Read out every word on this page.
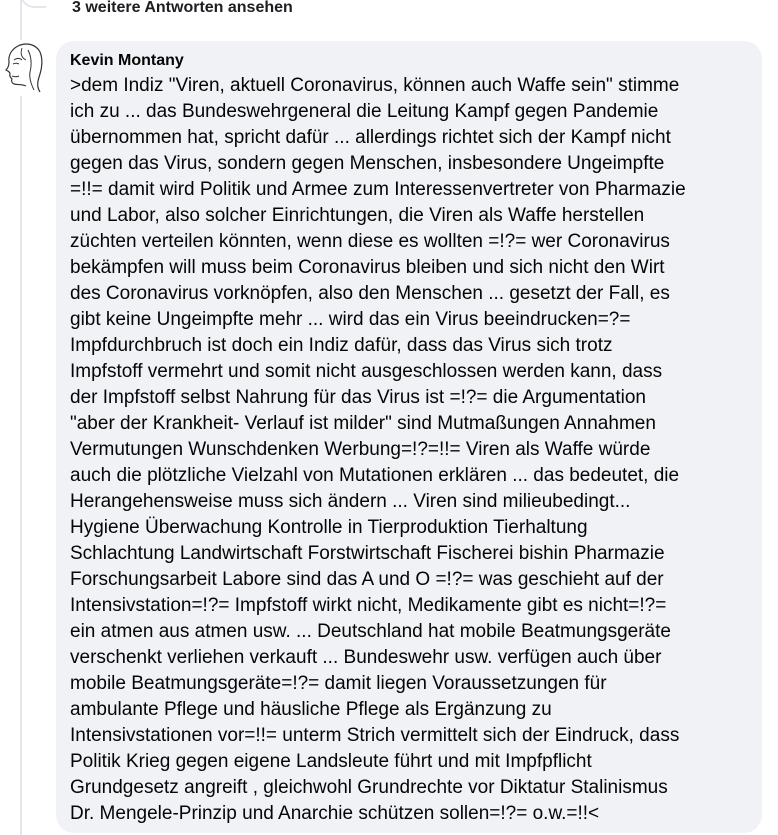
3 weitere Antworten ansehen
Kevin Montany

>dem Indiz "Viren, aktuell Coronavirus, können auch Waffe sein" stimme
ich zu ... das Bundeswehrgeneral die Leitung Kampf gegen Pandemie
übernommen hat, spricht dafür ... allerdings richtet sich der Kampf nicht
gegen das Virus, sondern gegen Menschen, insbesondere Ungeimpfte
=!!= damit wird Politik und Armee zum Interessenvertreter von Pharmazie
und Labor, also solcher Einrichtungen, die Viren als Waffe herstellen
züchten verteilen könnten, wenn diese es wollten =!?= wer Coronavirus
bekämpfen will muss beim Coronavirus bleiben und sich nicht den Wirt
des Coronavirus vorknöpfen, also den Menschen ... gesetzt der Fall, es
gibt keine Ungeimpfte mehr ... wird das ein Virus beeindrucken=?=
Impfdurchbruch ist doch ein Indiz dafür, dass das Virus sich trotz
Impfstoff vermehrt und somit nicht ausgeschlossen werden kann, dass
der Impfstoff selbst Nahrung für das Virus ist =!?= die Argumentation
"aber der Krankheit- Verlauf ist milder" sind Mutmaßungen Annahmen
Vermutungen Wunschdenken Werbung=!?=!!= Viren als Waffe würde
auch die plötzliche Vielzahl von Mutationen erklären ... das bedeutet, die
Herangehensweise muss sich ändern ... Viren sind milieubedingt...
Hygiene Überwachung Kontrolle in Tierproduktion Tierhaltung
Schlachtung Landwirtschaft Forstwirtschaft Fischerei bishin Pharmazie
Forschungsarbeit Labore sind das A und O =!?= was geschieht auf der
Intensivstation=!?= Impfstoff wirkt nicht, Medikamente gibt es nicht=!?=
ein atmen aus atmen usw. ... Deutschland hat mobile Beatmungsgeräte
verschenkt verliehen verkauft ... Bundeswehr usw. verfügen auch über
mobile Beatmungsgeräte=!?= damit liegen Voraussetzungen für
ambulante Pflege und häusliche Pflege als Ergänzung zu
Intensivstationen vor=!!= unterm Strich vermittelt sich der Eindruck, dass
Politik Krieg gegen eigene Landsleute führt und mit Impfpflicht
Grundgesetz angreift , gleichwohl Grundrechte vor Diktatur Stalinismus
Dr. Mengele-Prinzip und Anarchie schützen sollen=!?= o.w.=!!<
